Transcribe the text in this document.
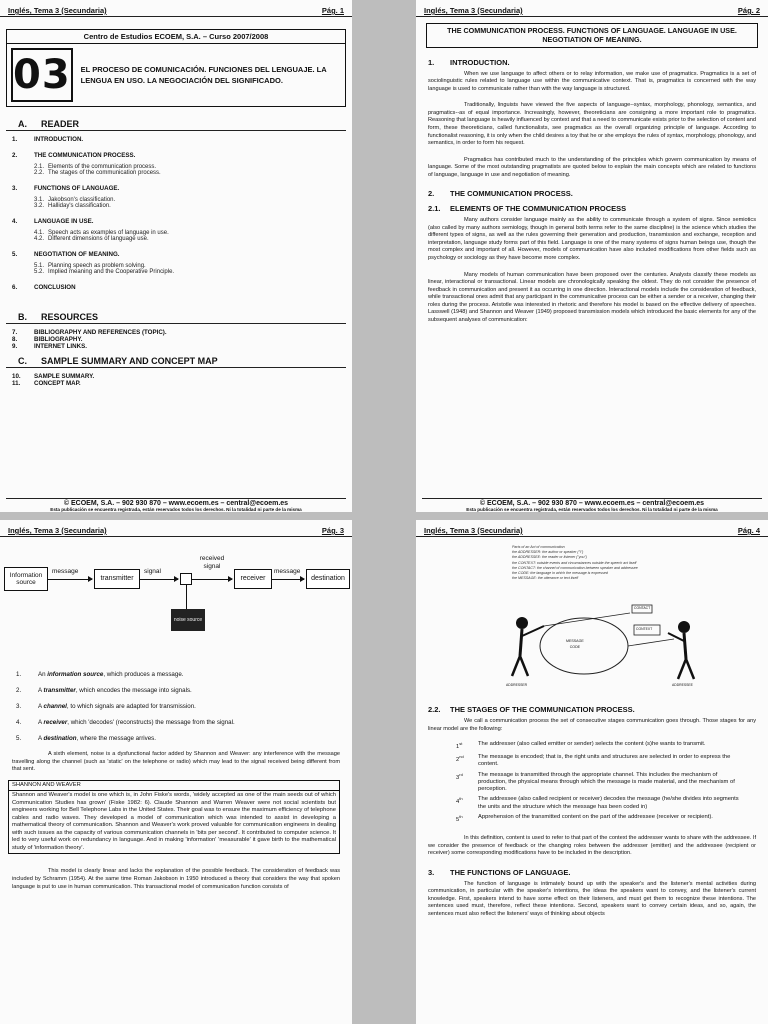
Inglés, Tema 3 (Secundaria)	Pág. 1
Centro de Estudios ECOEM, S.A. – Curso 2007/2008
03	EL PROCESO DE COMUNICACIÓN. FUNCIONES DEL LENGUAJE. LA LENGUA EN USO. LA NEGOCIACIÓN DEL SIGNIFICADO.
A. READER
1.	INTRODUCTION.
2.	THE COMMUNICATION PROCESS.
2.1. Elements of the communication process.
2.2. The stages of the communication process.
3.	FUNCTIONS OF LANGUAGE.
3.1. Jakobson's classification.
3.2. Halliday's classification.
4.	LANGUAGE IN USE.
4.1. Speech acts as examples of language in use.
4.2. Different dimensions of language use.
5.	NEGOTIATION OF MEANING.
5.1. Planning speech as problem solving.
5.2. Implied meaning and the Cooperative Principle.
6.	CONCLUSION
B. RESOURCES
7.	BIBLIOGRAPHY AND REFERENCES (TOPIC).
8.	BIBLIOGRAPHY.
9.	INTERNET LINKS.
C. SAMPLE SUMMARY AND CONCEPT MAP
10.	SAMPLE SUMMARY.
11.	CONCEPT MAP.
© ECOEM, S.A. – 902 930 870 – www.ecoem.es – central@ecoem.es
Esta publicación se encuentra registrada, están reservados todos los derechos. Ni la totalidad ni parte de la misma
Inglés, Tema 3 (Secundaria)	Pág. 2
THE COMMUNICATION PROCESS. FUNCTIONS OF LANGUAGE. LANGUAGE IN USE. NEGOTIATION OF MEANING.
1.	INTRODUCTION.

When we use language to affect others or to relay information, we make use of pragmatics. Pragmatics is a set of sociolinguistic rules related to language use within the communicative context. That is, pragmatics is concerned with the way language is used to communicate rather than with the way language is structured.

Traditionally, linguists have viewed the five aspects of language--syntax, morphology, phonology, semantics, and pragmatics--as of equal importance. Increasingly, however, theoreticians are consigning a more important role to pragmatics. Reasoning that language is heavily influenced by context and that a need to communicate exists prior to the selection of content and form, these theoreticians, called functionalists, see pragmatics as the overall organizing principle of language. According to functionalist reasoning, it is only when the child desires a toy that he or she employs the rules of syntax, morphology, phonology, and semantics, in order to form his request.

Pragmatics has contributed much to the understanding of the principles which govern communication by means of language. Some of the most outstanding pragmatists are quoted below to explain the main concepts which are related to functions of language, language in use and negotiation of meaning.

2.	THE COMMUNICATION PROCESS.
2.1.	ELEMENTS OF THE COMMUNICATION PROCESS

Many authors consider language mainly as the ability to communicate through a system of signs. Since semiotics (also called by many authors semiology, though in general both terms refer to the same discipline) is the science which studies the different types of signs, as well as the rules governing their generation and production, transmission and exchange, reception and interpretation, language study forms part of this field. Language is one of the many systems of signs human beings use, though the most complex and important of all. However, models of communication have also included modifications from other fields such as psychology or sociology as they have become more complex.

Many models of human communication have been proposed over the centuries. Analysts classify these models as linear, interactional or transactional. Linear models are chronologically speaking the oldest. They do not consider the presence of feedback in communication and present it as occurring in one direction. Interactional models include the consideration of feedback, while transactional ones admit that any participant in the communicative process can be either a sender or a receiver, changing their roles during the process. Aristotle was interested in rhetoric and therefore his model is based on the effective delivery of speeches. Lasswell (1948) and Shannon and Weaver (1949) proposed transmission models which introduced the basic elements for any of the subsequent analyses of communication:

© ECOEM, S.A. – 902 930 870 – www.ecoem.es – central@ecoem.es
Esta publicación se encuentra registrada, están reservados todos los derechos. Ni la totalidad ni parte de la misma
Inglés, Tema 3 (Secundaria)	Pág. 3
Information source
message
transmitter
signal
received signal
receiver
message
destination
noise source
1.	An information source, which produces a message.
2.	A transmitter, which encodes the message into signals.
3.	A channel, to which signals are adapted for transmission.
4.	A receiver, which 'decodes' (reconstructs) the message from the signal.
5.	A destination, where the message arrives.

A sixth element, noise is a dysfunctional factor added by Shannon and Weaver: any interference with the message travelling along the channel (such as 'static' on the telephone or radio) which may lead to the signal received being different from that sent.

SHANNON AND WEAVER
Shannon and Weaver's model is one which is, in John Fiske's words, 'widely accepted as one of the main seeds out of which Communication Studies has grown' (Fiske 1982: 6). Claude Shannon and Warren Weaver were not social scientists but engineers working for Bell Telephone Labs in the United States. Their goal was to ensure the maximum efficiency of telephone cables and radio waves. They developed a model of communication which was intended to assist in developing a mathematical theory of communication. Shannon and Weaver's work proved valuable for communication engineers in dealing with such issues as the capacity of various communication channels in 'bits per second'. It contributed to computer science. It led to very useful work on redundancy in language. And in making 'information' 'measurable' it gave birth to the mathematical study of 'information theory'.

This model is clearly linear and lacks the explanation of the possible feedback. The consideration of feedback was included by Schramm (1954). At the same time Roman Jakobson in 1950 introduced a theory that considers the way that spoken language is put to use in human communication. This transactional model of communication function consists of

Inglés, Tema 3 (Secundaria)	Pág. 4
Parts of an Act of communication
the ADDRESSER: the author or speaker ("I")
the ADDRESSEE: the reader or listener ("you")
the CONTEXT: outside events and circumstances outside the speech act itself
the CONTACT: the channel of communication between speaker and addressee
the CODE: the language in which the message is expressed
the MESSAGE: the utterance or text itself
MESSAGE
CODE
CONTACT
CONTEXT
ADDRESSER	ADDRESSEE
2.2.	THE STAGES OF THE COMMUNICATION PROCESS.

We call a communication process the set of consecutive stages communication goes through. Those stages for any linear model are the following:

1st	The addresser (also called emitter or sender) selects the content (s)he wants to transmit.
2nd	The message is encoded; that is, the right units and structures are selected in order to express the content.
3rd	The message is transmitted through the appropriate channel. This includes the mechanism of production, the physical means through which the message is made material, and the mechanism of perception.
4th	The addressee (also called recipient or receiver) decodes the message (he/she divides into segments the units and the structure which the message has been coded in)
5th	Apprehension of the transmitted content on the part of the addressee (receiver or recipient).

In this definition, content is used to refer to that part of the context the addresser wants to share with the addressee. If we consider the presence of feedback or the changing roles between the addresser (emitter) and the addressee (recipient or receiver) some corresponding modifications have to be included in the description.

3.	THE FUNCTIONS OF LANGUAGE.

The function of language is intimately bound up with the speaker's and the listener's mental activities during communication, in particular with the speaker's intentions, the ideas the speakers want to convey, and the listener's current knowledge. First, speakers intend to have some effect on their listeners, and must get them to recognize these intentions. The sentences used must, therefore, reflect these intentions. Second, speakers want to convey certain ideas, and so, again, the sentences must also reflect the listeners' ways of thinking about objects
